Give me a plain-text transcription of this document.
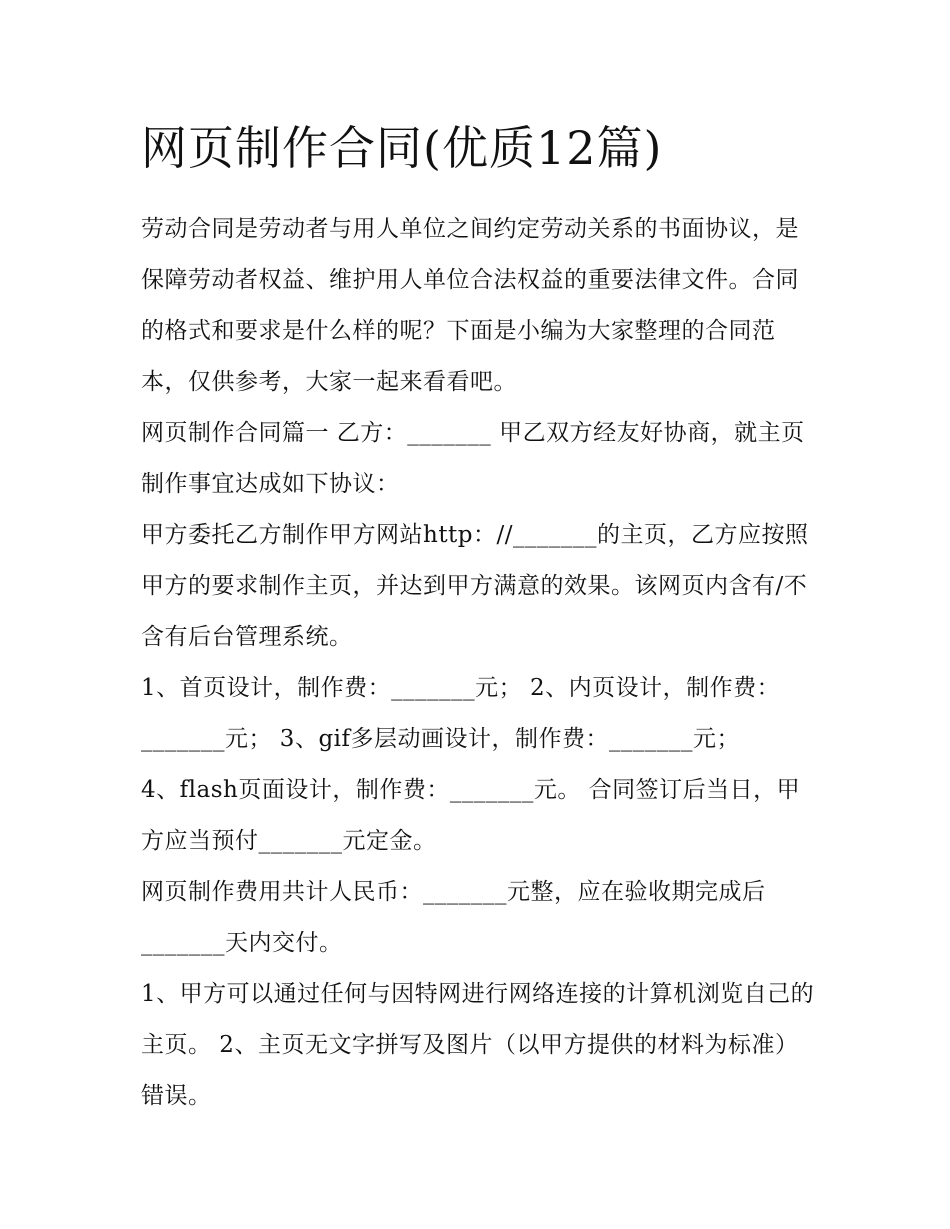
网页制作合同(优质12篇)

劳动合同是劳动者与用人单位之间约定劳动关系的书面协议，是保障劳动者权益、维护用人单位合法权益的重要法律文件。合同的格式和要求是什么样的呢？下面是小编为大家整理的合同范本，仅供参考，大家一起来看看吧。

网页制作合同篇一 乙方：_______ 甲乙双方经友好协商，就主页制作事宜达成如下协议：

甲方委托乙方制作甲方网站http：//_______的主页，乙方应按照甲方的要求制作主页，并达到甲方满意的效果。该网页内含有/不含有后台管理系统。

1、首页设计，制作费：_______元； 2、内页设计，制作费：_______元； 3、gif多层动画设计，制作费：_______元；

4、flash页面设计，制作费：_______元。 合同签订后当日，甲方应当预付_______元定金。

网页制作费用共计人民币：_______元整，应在验收期完成后_______天内交付。

1、甲方可以通过任何与因特网进行网络连接的计算机浏览自己的主页。 2、主页无文字拼写及图片（以甲方提供的材料为标准）错误。
